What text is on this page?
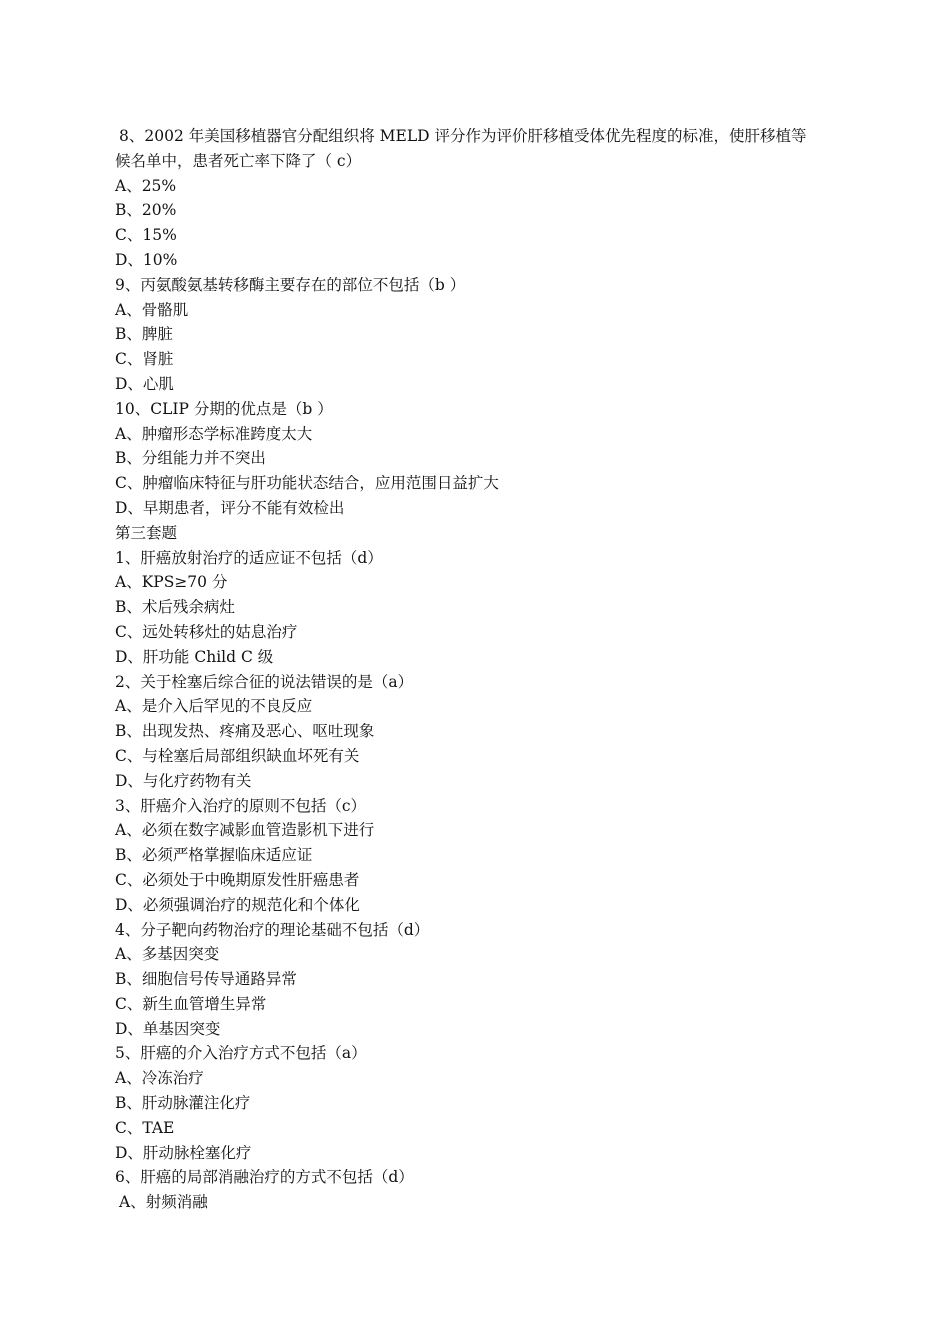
8、2002 年美国移植器官分配组织将 MELD 评分作为评价肝移植受体优先程度的标准，使肝移植等
候名单中，患者死亡率下降了（ c）
A、25%
B、20%
C、15%
D、10%
9、丙氨酸氨基转移酶主要存在的部位不包括（b ）
A、骨骼肌
B、脾脏
C、肾脏
D、心肌
10、CLIP 分期的优点是（b ）
A、肿瘤形态学标准跨度太大
B、分组能力并不突出
C、肿瘤临床特征与肝功能状态结合，应用范围日益扩大
D、早期患者，评分不能有效检出
第三套题
1、肝癌放射治疗的适应证不包括（d）
A、KPS≥70 分
B、术后残余病灶
C、远处转移灶的姑息治疗
D、肝功能 Child C 级
2、关于栓塞后综合征的说法错误的是（a）
A、是介入后罕见的不良反应
B、出现发热、疼痛及恶心、呕吐现象
C、与栓塞后局部组织缺血坏死有关
D、与化疗药物有关
3、肝癌介入治疗的原则不包括（c）
A、必须在数字减影血管造影机下进行
B、必须严格掌握临床适应证
C、必须处于中晚期原发性肝癌患者
D、必须强调治疗的规范化和个体化
4、分子靶向药物治疗的理论基础不包括（d）
A、多基因突变
B、细胞信号传导通路异常
C、新生血管增生异常
D、单基因突变
5、肝癌的介入治疗方式不包括（a）
A、冷冻治疗
B、肝动脉灌注化疗
C、TAE
D、肝动脉栓塞化疗
6、肝癌的局部消融治疗的方式不包括（d）
A、射频消融
